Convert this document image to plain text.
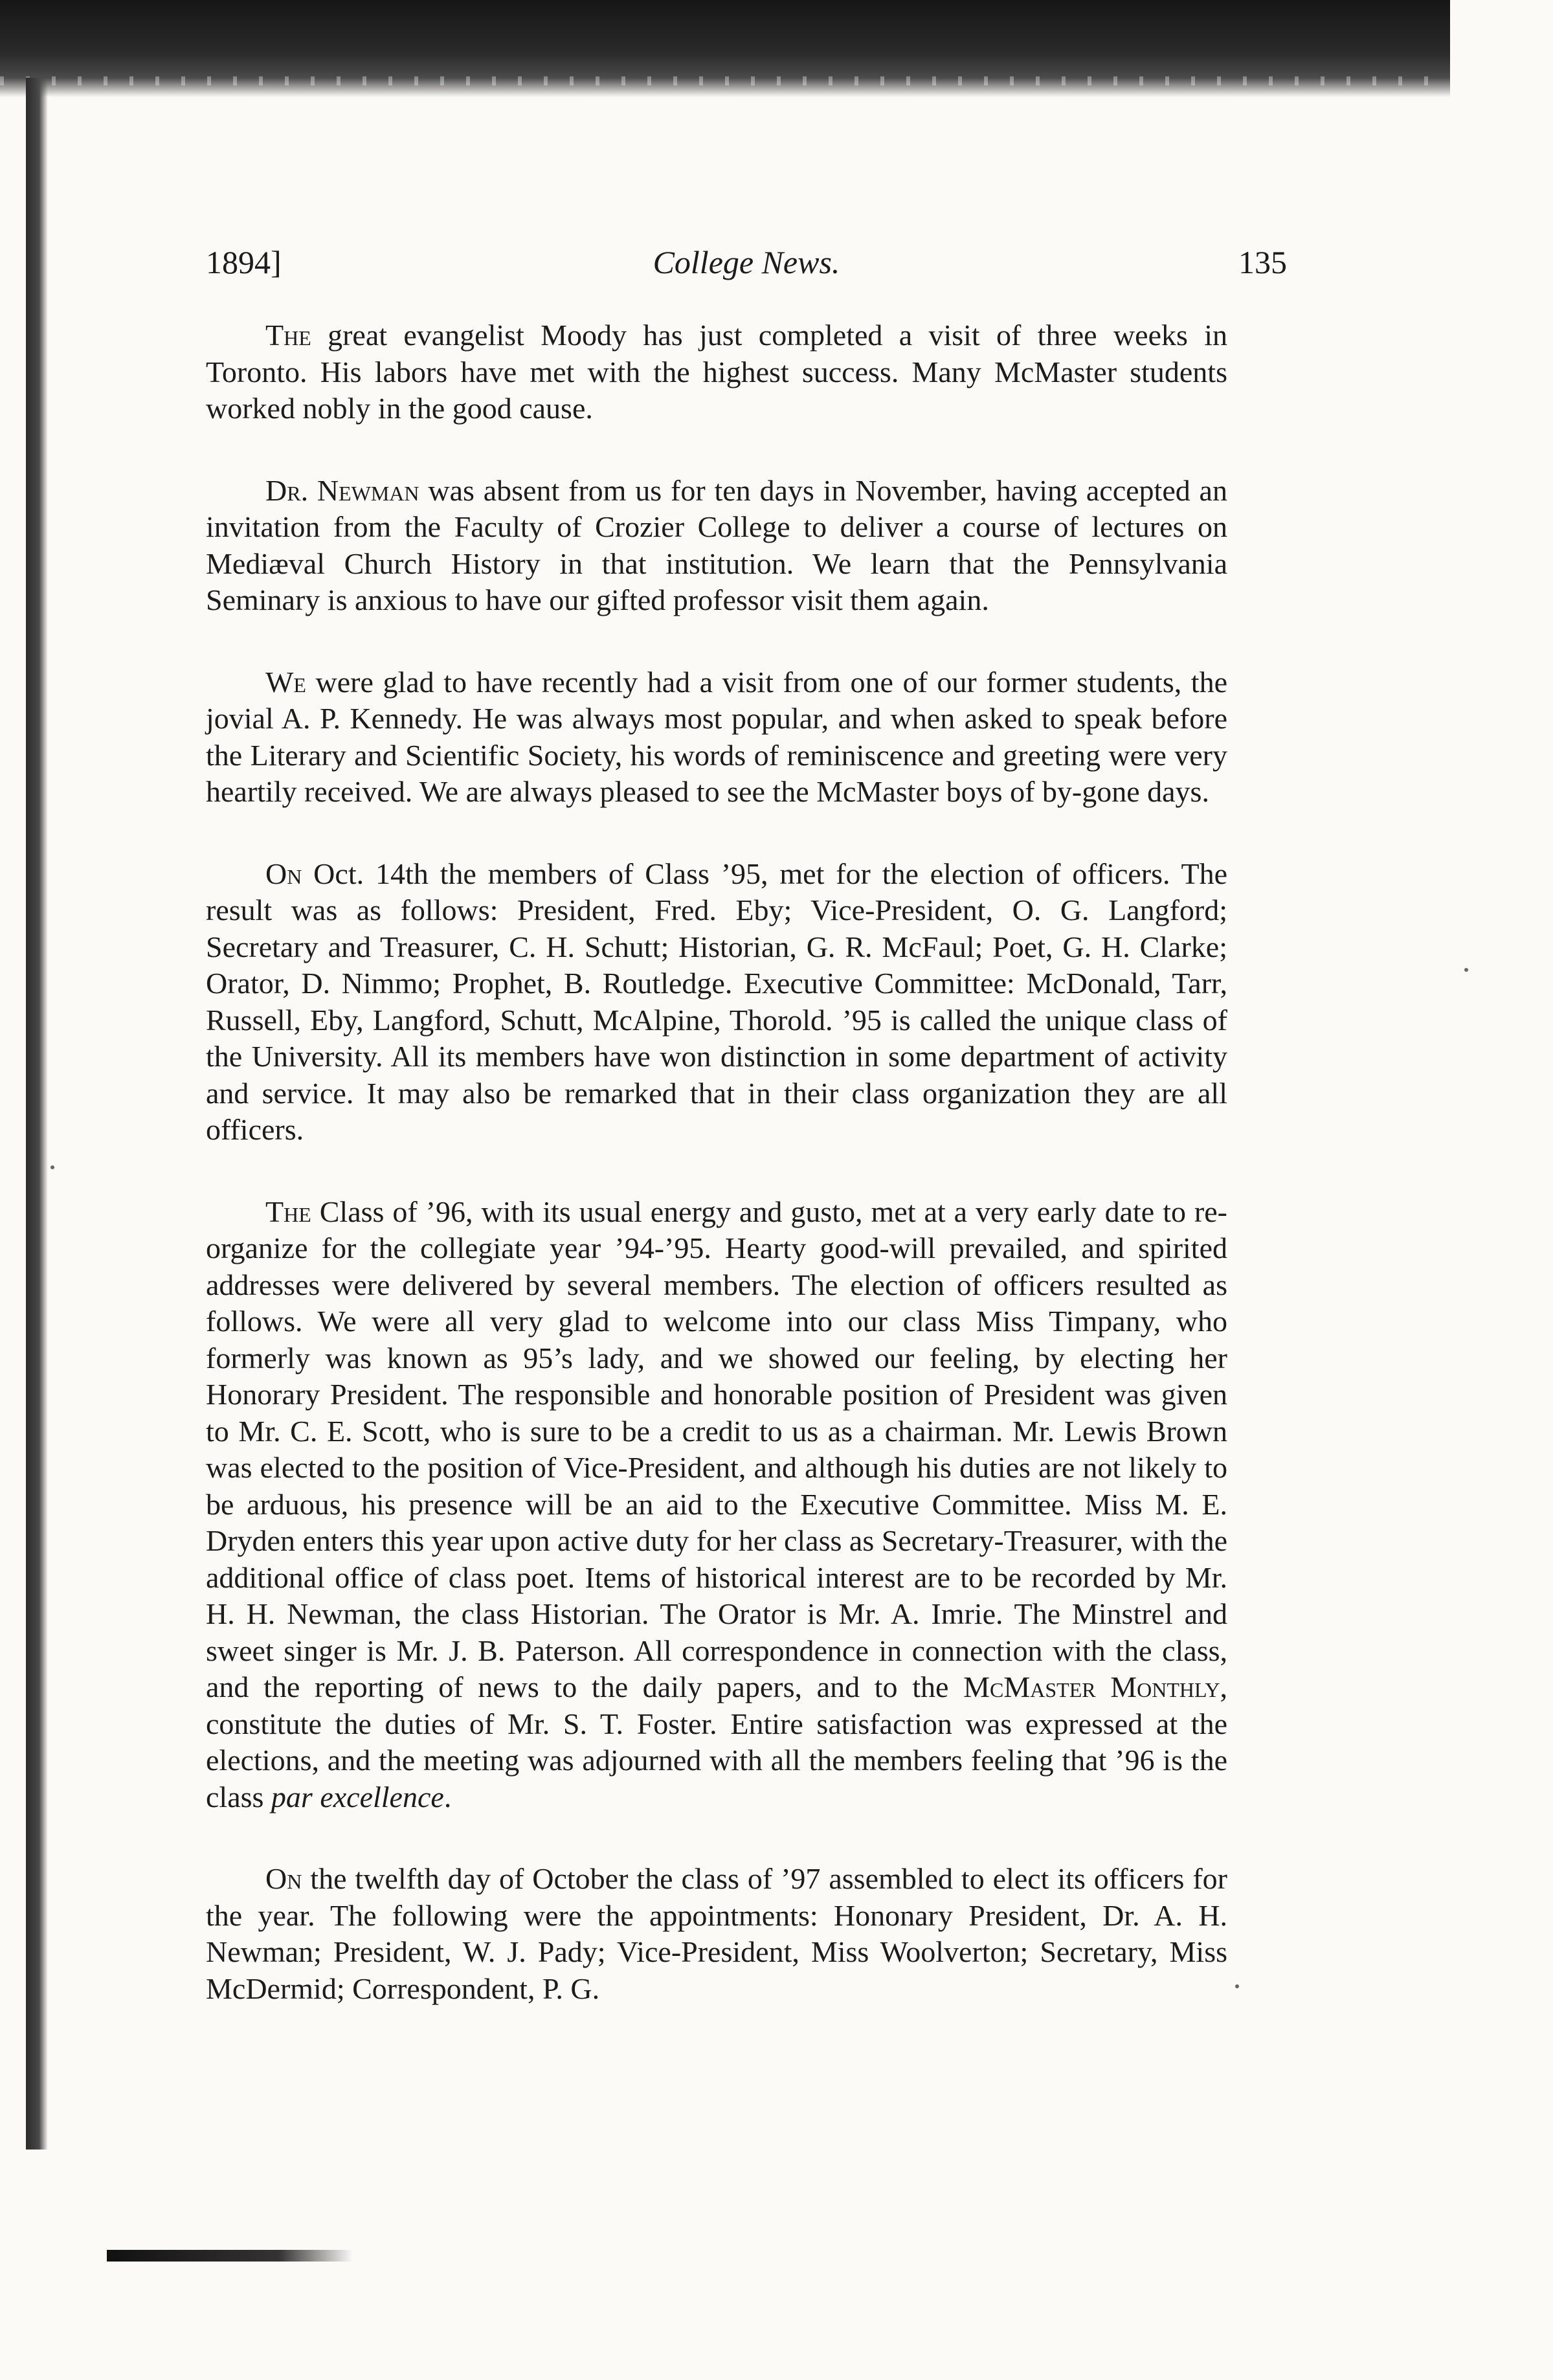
1894]	College News.	135

The great evangelist Moody has just completed a visit of three weeks in Toronto. His labors have met with the highest success. Many McMaster students worked nobly in the good cause.

Dr. Newman was absent from us for ten days in November, having accepted an invitation from the Faculty of Crozier College to deliver a course of lectures on Mediæval Church History in that institution. We learn that the Pennsylvania Seminary is anxious to have our gifted professor visit them again.

We were glad to have recently had a visit from one of our former students, the jovial A. P. Kennedy. He was always most popular, and when asked to speak before the Literary and Scientific Society, his words of reminiscence and greeting were very heartily received. We are always pleased to see the McMaster boys of by-gone days.

On Oct. 14th the members of Class ’95, met for the election of officers. The result was as follows: President, Fred. Eby; Vice-President, O. G. Langford; Secretary and Treasurer, C. H. Schutt; Historian, G. R. McFaul; Poet, G. H. Clarke; Orator, D. Nimmo; Prophet, B. Routledge. Executive Committee: McDonald, Tarr, Russell, Eby, Langford, Schutt, McAlpine, Thorold. ’95 is called the unique class of the University. All its members have won distinction in some department of activity and service. It may also be remarked that in their class organization they are all officers.

The Class of ’96, with its usual energy and gusto, met at a very early date to re-organize for the collegiate year ’94-’95. Hearty good-will prevailed, and spirited addresses were delivered by several members. The election of officers resulted as follows. We were all very glad to welcome into our class Miss Timpany, who formerly was known as 95’s lady, and we showed our feeling, by electing her Honorary President. The responsible and honorable position of President was given to Mr. C. E. Scott, who is sure to be a credit to us as a chairman. Mr. Lewis Brown was elected to the position of Vice-President, and although his duties are not likely to be arduous, his presence will be an aid to the Executive Committee. Miss M. E. Dryden enters this year upon active duty for her class as Secretary-Treasurer, with the additional office of class poet. Items of historical interest are to be recorded by Mr. H. H. Newman, the class Historian. The Orator is Mr. A. Imrie. The Minstrel and sweet singer is Mr. J. B. Paterson. All correspondence in connection with the class, and the reporting of news to the daily papers, and to the McMaster Monthly, constitute the duties of Mr. S. T. Foster. Entire satisfaction was expressed at the elections, and the meeting was adjourned with all the members feeling that ’96 is the class par excellence.

On the twelfth day of October the class of ’97 assembled to elect its officers for the year. The following were the appointments: Hononary President, Dr. A. H. Newman; President, W. J. Pady; Vice-President, Miss Woolverton; Secretary, Miss McDermid; Correspondent, P. G.
